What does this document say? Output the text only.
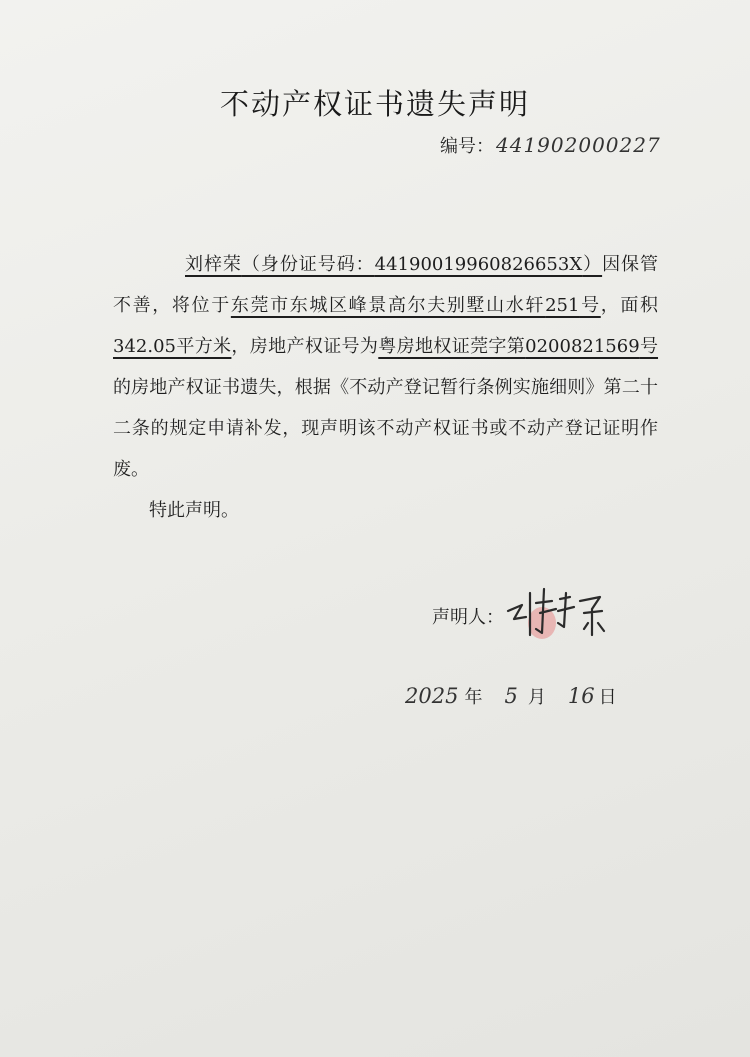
不动产权证书遗失声明
编号： 441902000227

刘梓荣（身份证号码：44190019960826653X）因保管不善，将位于东莞市东城区峰景高尔夫别墅山水轩251号，面积342.05平方米，房地产权证号为粤房地权证莞字第0200821569号的房地产权证书遗失，根据《不动产登记暂行条例实施细则》第二十二条的规定申请补发，现声明该不动产权证书或不动产登记证明作废。

特此声明。

声明人：
2025 年 5 月 16 日
